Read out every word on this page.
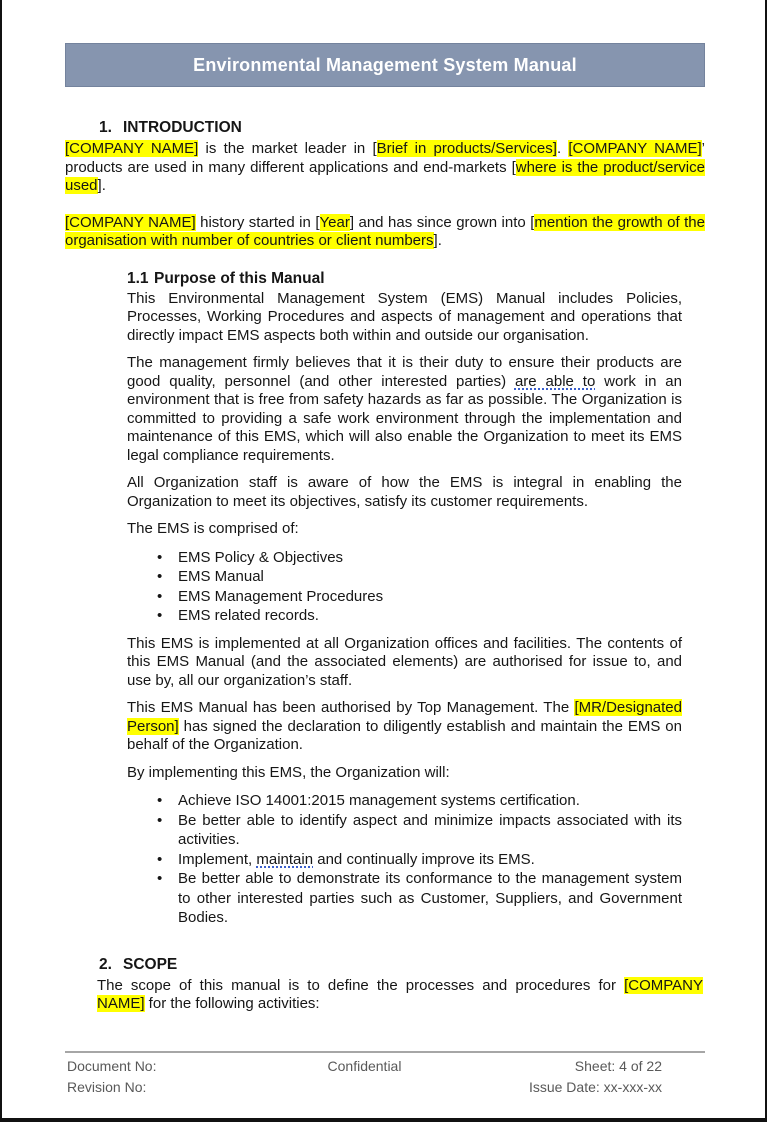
Environmental Management System Manual
1. INTRODUCTION
[COMPANY NAME] is the market leader in [Brief in products/Services]. [COMPANY NAME]’ products are used in many different applications and end-markets [where is the product/service used].
[COMPANY NAME] history started in [Year] and has since grown into [mention the growth of the organisation with number of countries or client numbers].
1.1 Purpose of this Manual
This Environmental Management System (EMS) Manual includes Policies, Processes, Working Procedures and aspects of management and operations that directly impact EMS aspects both within and outside our organisation.
The management firmly believes that it is their duty to ensure their products are good quality, personnel (and other interested parties) are able to work in an environment that is free from safety hazards as far as possible. The Organization is committed to providing a safe work environment through the implementation and maintenance of this EMS, which will also enable the Organization to meet its EMS legal compliance requirements.
All Organization staff is aware of how the EMS is integral in enabling the Organization to meet its objectives, satisfy its customer requirements.
The EMS is comprised of:
•	EMS Policy & Objectives
•	EMS Manual
•	EMS Management Procedures
•	EMS related records.
This EMS is implemented at all Organization offices and facilities. The contents of this EMS Manual (and the associated elements) are authorised for issue to, and use by, all our organization’s staff.
This EMS Manual has been authorised by Top Management. The [MR/Designated Person] has signed the declaration to diligently establish and maintain the EMS on behalf of the Organization.
By implementing this EMS, the Organization will:
•	Achieve ISO 14001:2015 management systems certification.
•	Be better able to identify aspect and minimize impacts associated with its activities.
•	Implement, maintain and continually improve its EMS.
•	Be better able to demonstrate its conformance to the management system to other interested parties such as Customer, Suppliers, and Government Bodies.
2. SCOPE
The scope of this manual is to define the processes and procedures for [COMPANY NAME] for the following activities:
Document No:	Confidential	Sheet: 4 of 22
Revision No:	Issue Date: xx-xxx-xx
